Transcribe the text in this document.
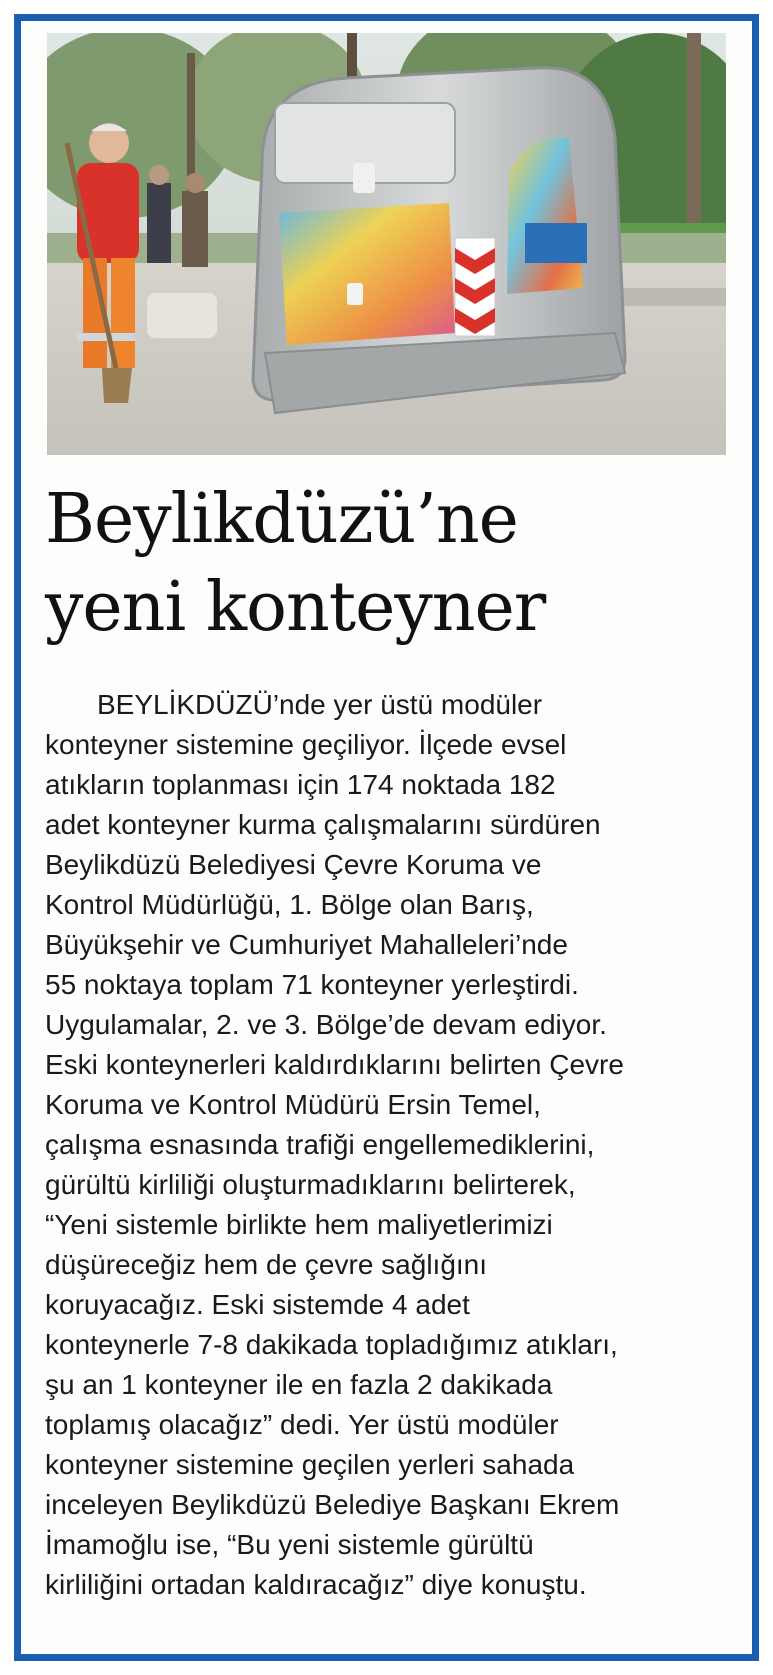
Beylikdüzü’ne
yeni konteyner
BEYLİKDÜZÜ’nde yer üstü modüler
konteyner sistemine geçiliyor. İlçede evsel
atıkların toplanması için 174 noktada 182
adet konteyner kurma çalışmalarını sürdüren
Beylikdüzü Belediyesi Çevre Koruma ve
Kontrol Müdürlüğü, 1. Bölge olan Barış,
Büyükşehir ve Cumhuriyet Mahalleleri’nde
55 noktaya toplam 71 konteyner yerleştirdi.
Uygulamalar, 2. ve 3. Bölge’de devam ediyor.
Eski konteynerleri kaldırdıklarını belirten Çevre
Koruma ve Kontrol Müdürü Ersin Temel,
çalışma esnasında trafiği engellemediklerini,
gürültü kirliliği oluşturmadıklarını belirterek,
“Yeni sistemle birlikte hem maliyetlerimizi
düşüreceğiz hem de çevre sağlığını
koruyacağız. Eski sistemde 4 adet
konteynerle 7-8 dakikada topladığımız atıkları,
şu an 1 konteyner ile en fazla 2 dakikada
toplamış olacağız” dedi. Yer üstü modüler
konteyner sistemine geçilen yerleri sahada
inceleyen Beylikdüzü Belediye Başkanı Ekrem
İmamoğlu ise, “Bu yeni sistemle gürültü
kirliliğini ortadan kaldıracağız” diye konuştu.
